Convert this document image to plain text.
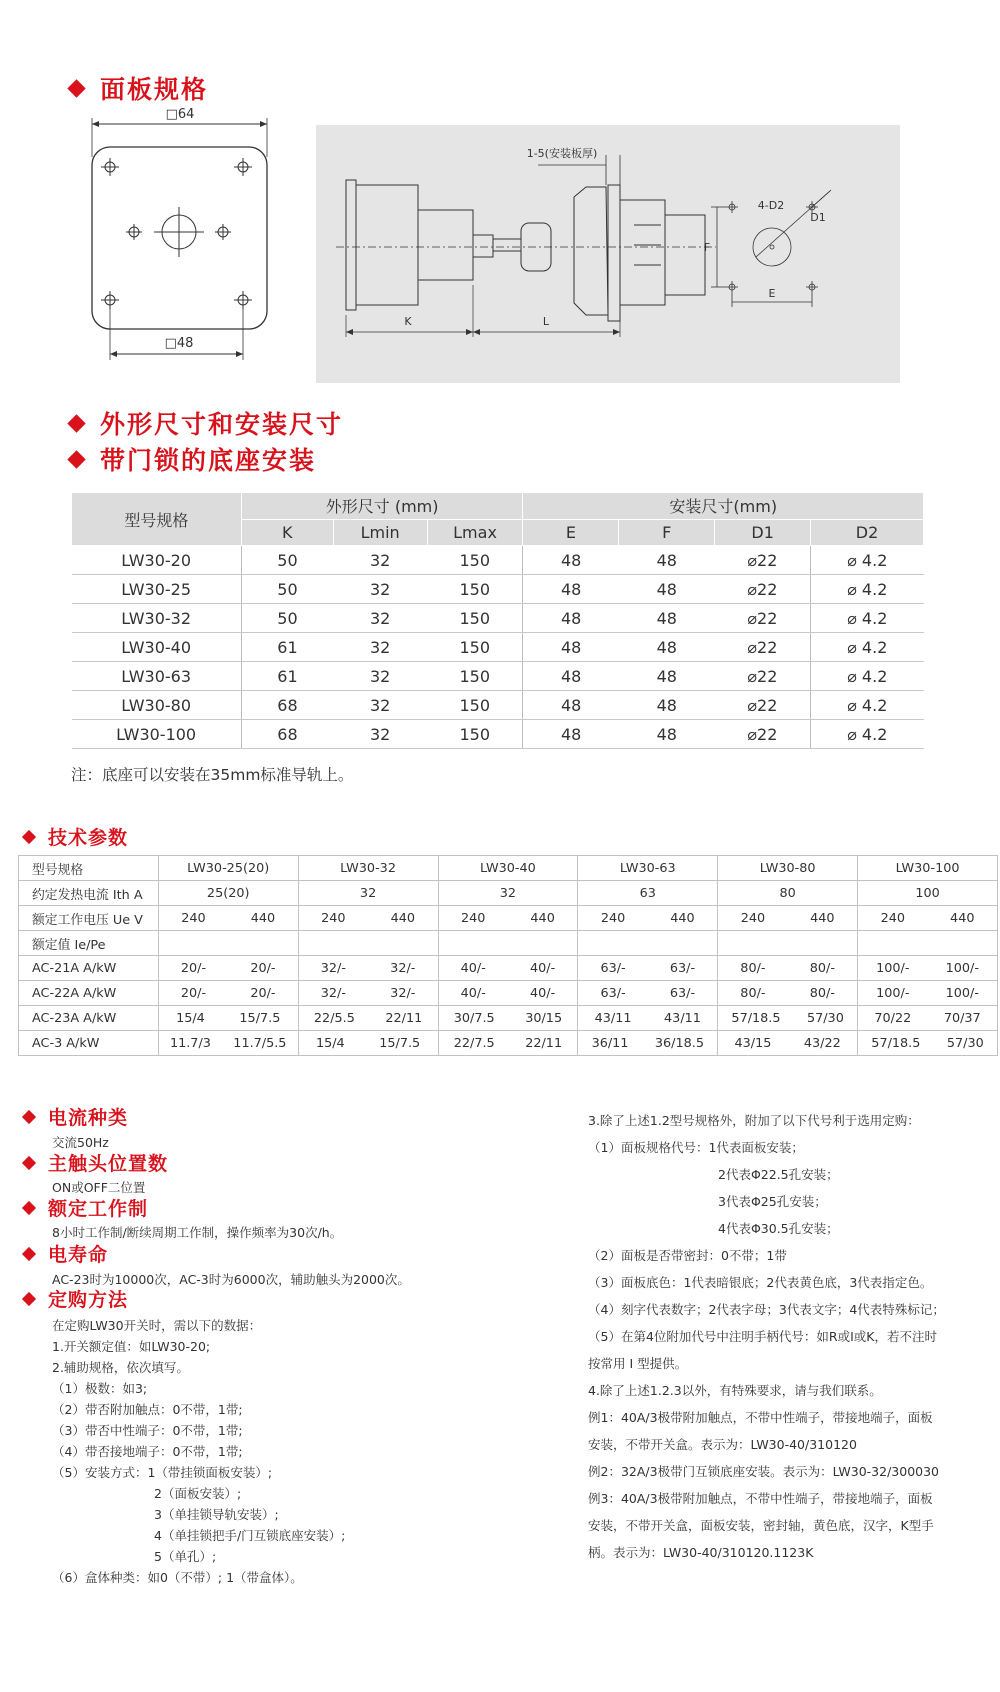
面板规格
□64
□48
1-5(安装板厚)
K	L
4-D2
D1
F
E
外形尺寸和安装尺寸
带门锁的底座安装
型号规格	外形尺寸 (mm)			安装尺寸(mm)			
	K	Lmin	Lmax	E	F	D1	D2
LW30-20	50	32	150	48	48	⌀22	⌀ 4.2
LW30-25	50	32	150	48	48	⌀22	⌀ 4.2
LW30-32	50	32	150	48	48	⌀22	⌀ 4.2
LW30-40	61	32	150	48	48	⌀22	⌀ 4.2
LW30-63	61	32	150	48	48	⌀22	⌀ 4.2
LW30-80	68	32	150	48	48	⌀22	⌀ 4.2
LW30-100	68	32	150	48	48	⌀22	⌀ 4.2
注：底座可以安装在35mm标准导轨上。
技术参数
型号规格	LW30-25(20)	LW30-32	LW30-40	LW30-63	LW30-80	LW30-100
约定发热电流 Ith A	25(20)	32	32	63	80	100
额定工作电压 Ue V	240 440	240 440	240 440	240 440	240 440	240 440

额定值 Ie/Pe						
AC-21A A/kW	20/- 20/-	32/- 32/-	40/- 40/-	63/- 63/-	80/- 80/-	100/- 100/-

AC-22A A/kW	20/- 20/-	32/- 32/-	40/- 40/-	63/- 63/-	80/- 80/-	100/- 100/-

AC-23A A/kW	15/4 15/7.5	22/5.5 22/11	30/7.5 30/15	43/11 43/11	57/18.5 57/30	70/22 70/37

AC-3 A/kW	11.7/3 11.7/5.5	15/4 15/7.5	22/7.5 22/11	36/11 36/18.5	43/15 43/22	57/18.5 57/30
电流种类
交流50Hz
主触头位置数
ON或OFF二位置
额定工作制
8小时工作制/断续周期工作制，操作频率为30次/h。
电寿命
AC-23时为10000次，AC-3时为6000次，辅助触头为2000次。
定购方法
在定购LW30开关时，需以下的数据：
1.开关额定值：如LW30-20;
2.辅助规格，依次填写。
（1）极数：如3;
（2）带否附加触点：0不带，1带;
（3）带否中性端子：0不带，1带;
（4）带否接地端子：0不带，1带;
（5）安装方式：1（带挂锁面板安装）;
2（面板安装）;
3（单挂锁导轨安装）;
4（单挂锁把手/门互锁底座安装）;
5（单孔）;
（6）盒体种类：如0（不带）; 1（带盒体）。
3.除了上述1.2型号规格外，附加了以下代号利于选用定购：
（1）面板规格代号：1代表面板安装；
2代表Φ22.5孔安装；
3代表Φ25孔安装；
4代表Φ30.5孔安装；
（2）面板是否带密封：0不带；1带
（3）面板底色：1代表暗银底；2代表黄色底，3代表指定色。
（4）刻字代表数字；2代表字母；3代表文字；4代表特殊标记；
（5）在第4位附加代号中注明手柄代号：如R或I或K，若不注时
按常用 I 型提供。
4.除了上述1.2.3以外，有特殊要求，请与我们联系。
例1：40A/3极带附加触点，不带中性端子，带接地端子，面板
安装，不带开关盒。表示为：LW30-40/310120
例2：32A/3极带门互锁底座安装。表示为：LW30-32/300030
例3：40A/3极带附加触点，不带中性端子，带接地端子，面板
安装，不带开关盒，面板安装，密封轴，黄色底，汉字，K型手
柄。表示为：LW30-40/310120.1123K
